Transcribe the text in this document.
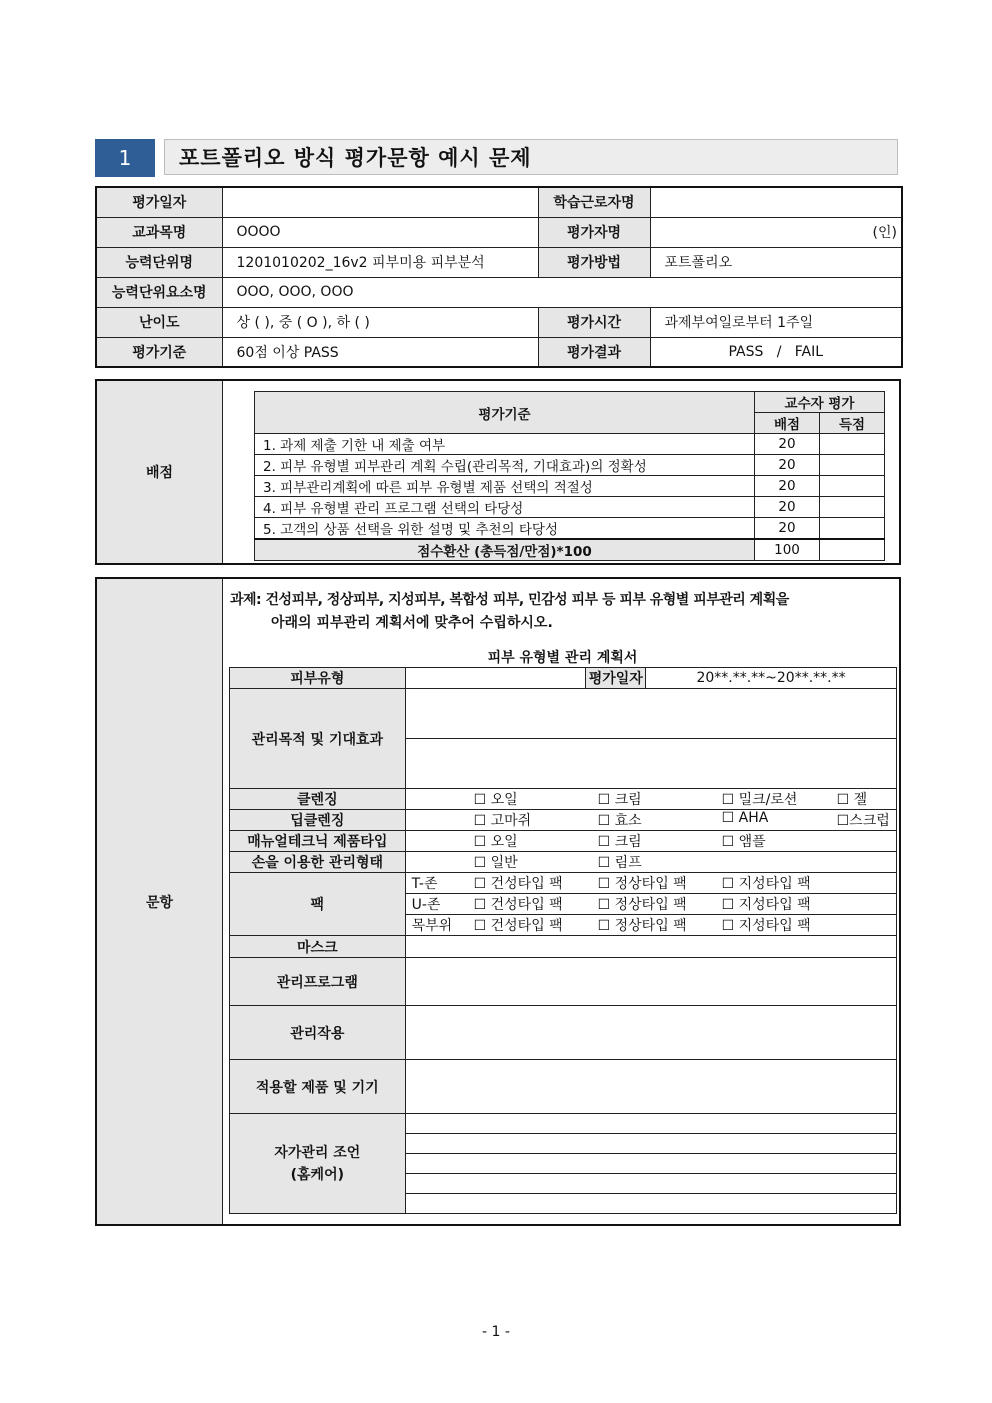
1	포트폴리오 방식 평가문항 예시 문제
평가일자		학습근로자명	
교과목명	OOOO	평가자명	(인)
능력단위명	1201010202_16v2 피부미용 피부분석	평가방법	포트폴리오
능력단위요소명	OOO, OOO, OOO		
난이도	상 ( ), 중 ( O ), 하 ( )	평가시간	과제부여일로부터 1주일
평가기준	60점 이상 PASS	평가결과	PASS   /   FAIL
배점
평가기준	교수자 평가	
	배점	득점
1. 과제 제출 기한 내 제출 여부	20	
2. 피부 유형별 피부관리 계획 수립(관리목적, 기대효과)의 정확성	20	
3. 피부관리계획에 따른 피부 유형별 제품 선택의 적절성	20	
4. 피부 유형별 관리 프로그램 선택의 타당성	20	
5. 고객의 상품 선택을 위한 설명 및 추천의 타당성	20	
점수환산 (총득점/만점)*100	100	
문항
과제: 건성피부, 정상피부, 지성피부, 복합성 피부, 민감성 피부 등 피부 유형별 피부관리 계획을
아래의 피부관리 계획서에 맞추어 수립하시오.
피부 유형별 관리 계획서
피부유형		평가일자	20**.**.**~20**.**.**
관리목적 및 기대효과			

클렌징	☐ 오일 ☐ 크림 ☐ 밀크/로션 ☐ 젤		

딥클렌징	☐ 고마쥐 ☐ 효소 ☐ AHA ☐스크럽		

매뉴얼테크닉 제품타입	☐ 오일 ☐ 크림 ☐ 앰플		

손을 이용한 관리형태	☐ 일반 ☐ 림프		

팩	T-존 ☐ 건성타입 팩 ☐ 정상타입 팩 ☐ 지성타입 팩		

	U-존 ☐ 건성타입 팩 ☐ 정상타입 팩 ☐ 지성타입 팩		

	목부위 ☐ 건성타입 팩 ☐ 정상타입 팩 ☐ 지성타입 팩		

마스크			
관리프로그램			
관리작용			
적용할 제품 및 기기			

자가관리 조언
(홈케어)			

- 1 -
